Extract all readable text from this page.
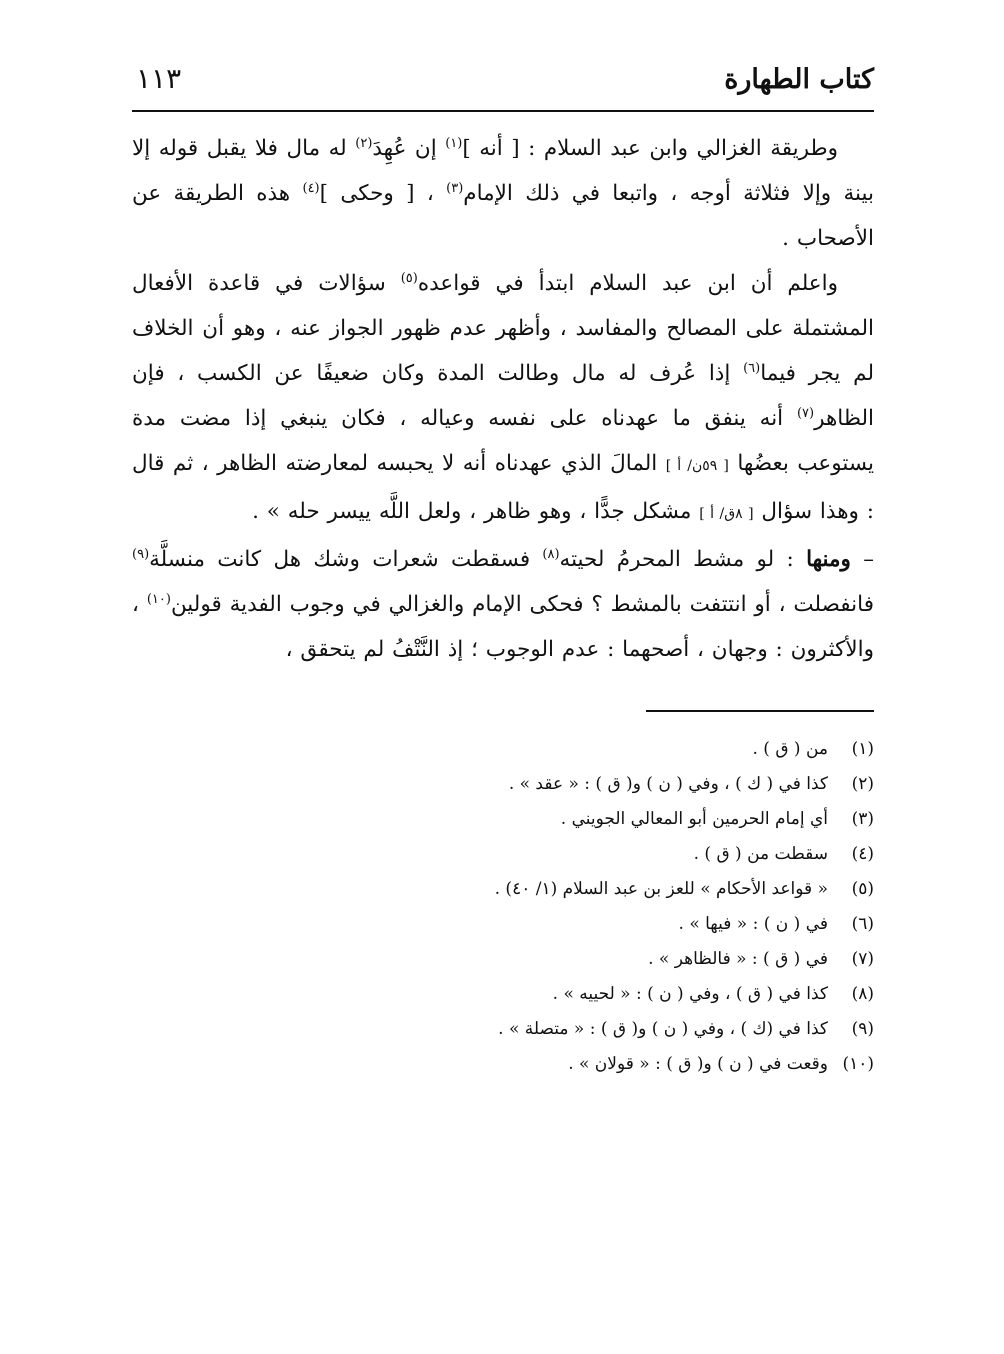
كتاب الطهارة
١١٣

وطريقة الغزالي وابن عبد السلام : [ أنه ]$^{(١)}$ إن عُهِدَ$^{(٢)}$ له مال فلا يقبل قوله إلا بينة وإلا فثلاثة أوجه ، واتبعا في ذلك الإمام$^{(٣)}$ ، [ وحكى ]$^{(٤)}$ هذه الطريقة عن الأصحاب .

واعلم أن ابن عبد السلام ابتدأ في قواعده$^{(٥)}$ سؤالات في قاعدة الأفعال المشتملة على المصالح والمفاسد ، وأظهر عدم ظهور الجواز عنه ، وهو أن الخلاف لم يجر فيما$^{(٦)}$ إذا عُرف له مال وطالت المدة وكان ضعيفًا عن الكسب ، فإن الظاهر$^{(٧)}$ أنه ينفق ما عهدناه على نفسه وعياله ، فكان ينبغي إذا مضت مدة يستوعب بعضُها [ ٥٩ن/ أ ] المالَ الذي عهدناه أنه لا يحبسه لمعارضته الظاهر ، ثم قال : وهذا سؤال [ ٨ق/ أ ] مشكل جدًّا ، وهو ظاهر ، ولعل اللَّه ييسر حله » .

– ومنها : لو مشط المحرمُ لحيته$^{(٨)}$ فسقطت شعرات وشك هل كانت منسلَّة$^{(٩)}$ فانفصلت ، أو انتتفت بالمشط ؟ فحكى الإمام والغزالي في وجوب الفدية قولين$^{(١٠)}$ ، والأكثرون : وجهان ، أصحهما : عدم الوجوب ؛ إذ النَّتْفُ لم يتحقق ،

(١)من ( ق ) .
(٢)كذا في ( ك ) ، وفي ( ن ) و( ق ) : « عقد » .
(٣)أي إمام الحرمين أبو المعالي الجويني .
(٤)سقطت من ( ق ) .
(٥)« قواعد الأحكام » للعز بن عبد السلام (١/ ٤٠) .
(٦)في ( ن ) : « فيها » .
(٧)في ( ق ) : « فالظاهر » .
(٨)كذا في ( ق ) ، وفي ( ن ) : « لحييه » .
(٩)كذا في (ك ) ، وفي ( ن ) و( ق ) : « متصلة » .
(١٠)وقعت في ( ن ) و( ق ) : « قولان » .
